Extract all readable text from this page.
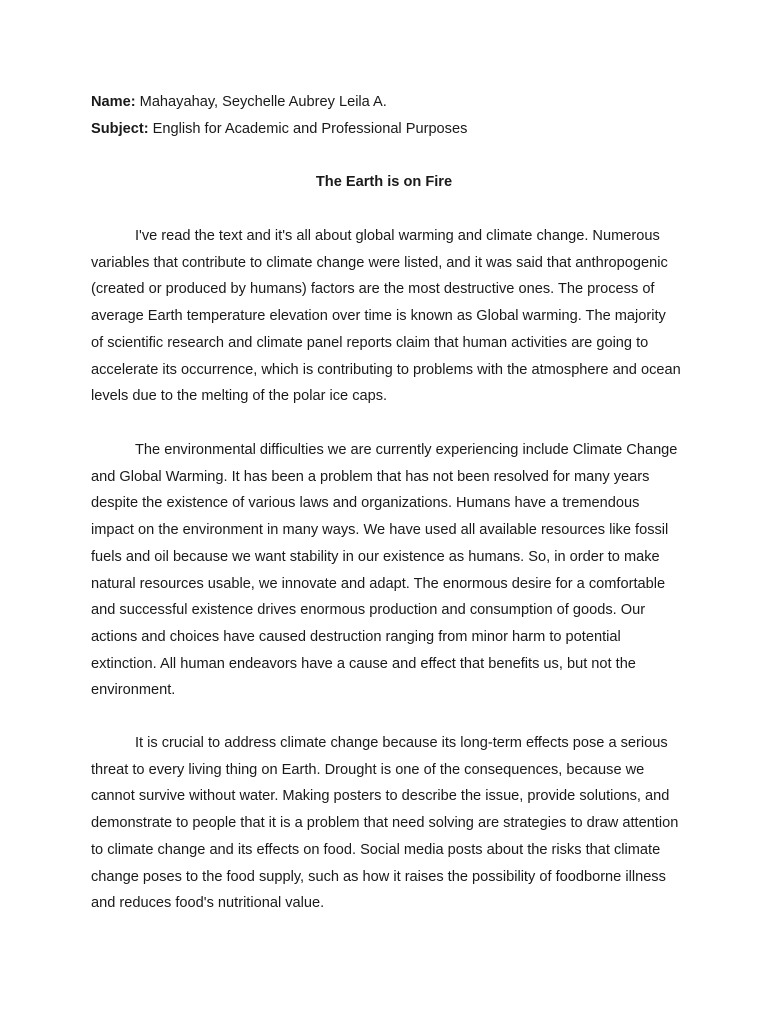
Name: Mahayahay, Seychelle Aubrey Leila A.
Subject: English for Academic and Professional Purposes
The Earth is on Fire

I've read the text and it's all about global warming and climate change. Numerous variables that contribute to climate change were listed, and it was said that anthropogenic (created or produced by humans) factors are the most destructive ones. The process of average Earth temperature elevation over time is known as Global warming. The majority of scientific research and climate panel reports claim that human activities are going to accelerate its occurrence, which is contributing to problems with the atmosphere and ocean levels due to the melting of the polar ice caps.

The environmental difficulties we are currently experiencing include Climate Change and Global Warming. It has been a problem that has not been resolved for many years despite the existence of various laws and organizations. Humans have a tremendous impact on the environment in many ways. We have used all available resources like fossil fuels and oil because we want stability in our existence as humans. So, in order to make natural resources usable, we innovate and adapt. The enormous desire for a comfortable and successful existence drives enormous production and consumption of goods. Our actions and choices have caused destruction ranging from minor harm to potential extinction. All human endeavors have a cause and effect that benefits us, but not the environment.

It is crucial to address climate change because its long-term effects pose a serious threat to every living thing on Earth. Drought is one of the consequences, because we cannot survive without water. Making posters to describe the issue, provide solutions, and demonstrate to people that it is a problem that need solving are strategies to draw attention to climate change and its effects on food. Social media posts about the risks that climate change poses to the food supply, such as how it raises the possibility of foodborne illness and reduces food's nutritional value.
